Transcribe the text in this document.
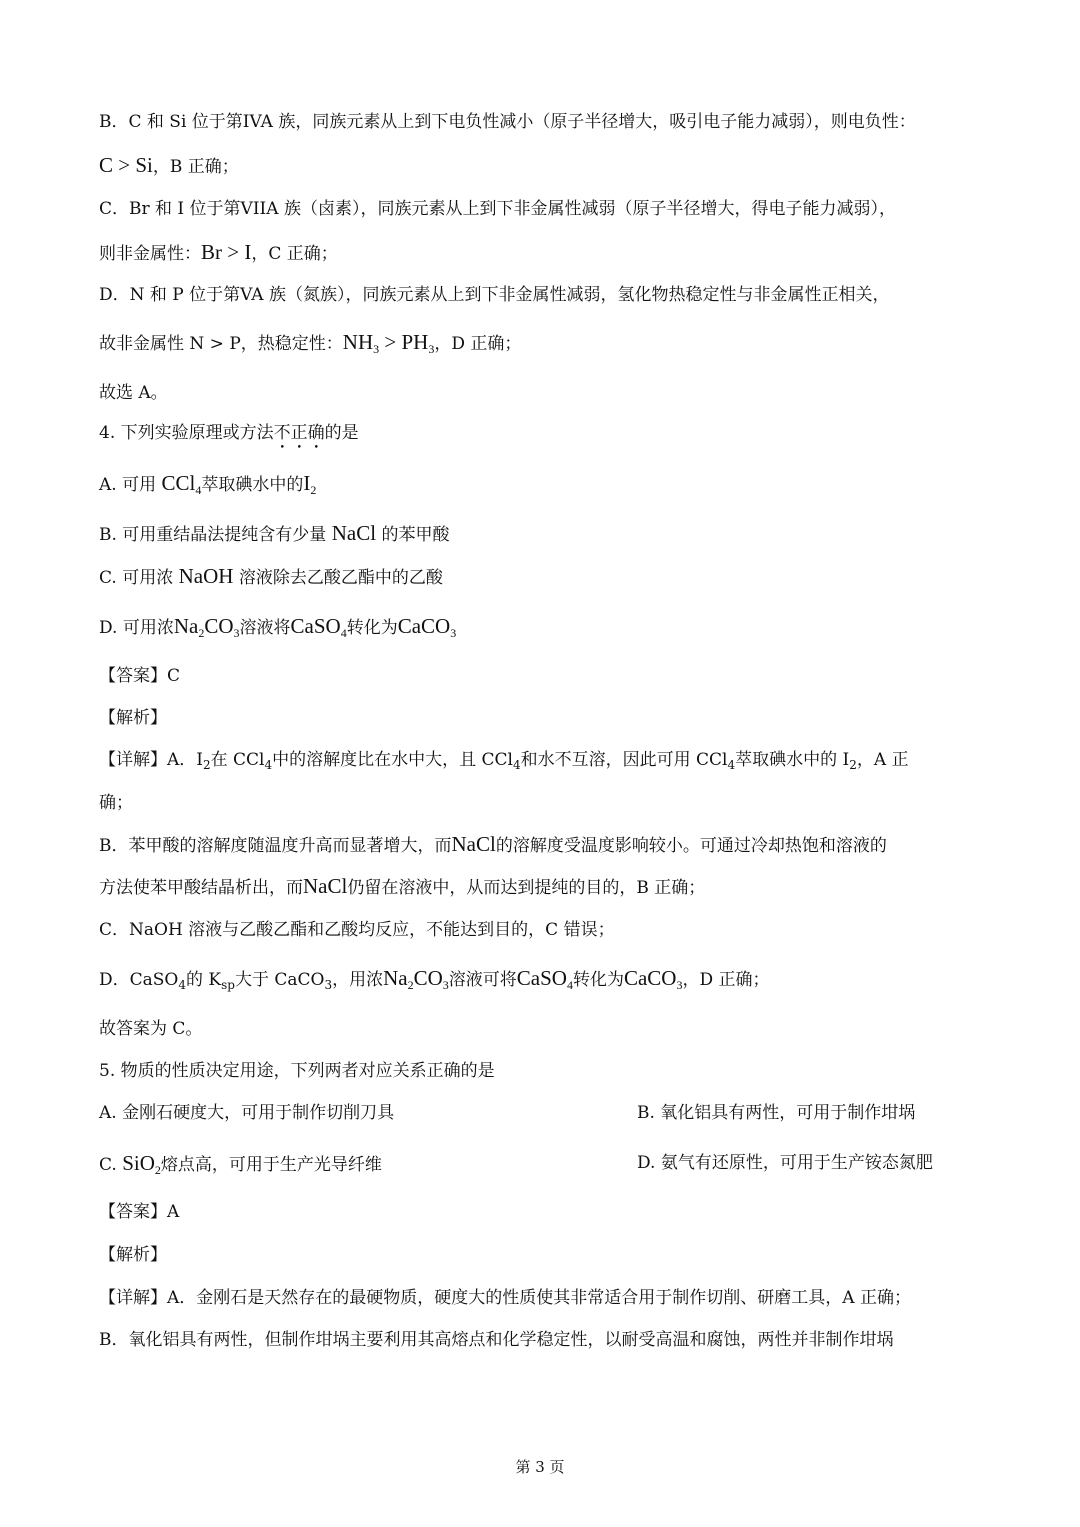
B．C 和 Si 位于第IVA 族，同族元素从上到下电负性减小（原子半径增大，吸引电子能力减弱），则电负性：
C > Si，B 正确；
C．Br 和 I 位于第VIIA 族（卤素），同族元素从上到下非金属性减弱（原子半径增大，得电子能力减弱），
则非金属性：Br > I，C 正确；
D．N 和 P 位于第VA 族（氮族），同族元素从上到下非金属性减弱，氢化物热稳定性与非金属性正相关，
故非金属性 N > P，热稳定性：$NH_3 > PH_3$，D 正确；
故选 A。
4. 下列实验原理或方法不正确的是
A. 可用 CCl$_4$萃取碘水中的$I_2$
B. 可用重结晶法提纯含有少量 NaCl 的苯甲酸
C. 可用浓 NaOH 溶液除去乙酸乙酯中的乙酸
D. 可用浓$Na_2CO_3$溶液将CaSO$_4$转化为CaCO$_3$
【答案】C
【解析】
【详解】A．$I_2$在 CCl$_4$中的溶解度比在水中大，且 CCl$_4$和水不互溶，因此可用 CCl$_4$萃取碘水中的 $I_2$，A 正
确；
B．苯甲酸的溶解度随温度升高而显著增大，而NaCl的溶解度受温度影响较小。可通过冷却热饱和溶液的
方法使苯甲酸结晶析出，而NaCl仍留在溶液中，从而达到提纯的目的，B 正确；
C．NaOH 溶液与乙酸乙酯和乙酸均反应，不能达到目的，C 错误；
D．CaSO$_4$的 $K_{sp}$大于 CaCO$_3$，用浓$Na_2CO_3$溶液可将CaSO$_4$转化为CaCO$_3$，D 正确；
故答案为 C。
5. 物质的性质决定用途，下列两者对应关系正确的是
A. 金刚石硬度大，可用于制作切削刀具	B. 氧化铝具有两性，可用于制作坩埚
C. SiO$_2$熔点高，可用于生产光导纤维	D. 氨气有还原性，可用于生产铵态氮肥
【答案】A
【解析】
【详解】A．金刚石是天然存在的最硬物质，硬度大的性质使其非常适合用于制作切削、研磨工具，A 正确；
B．氧化铝具有两性，但制作坩埚主要利用其高熔点和化学稳定性，以耐受高温和腐蚀，两性并非制作坩埚
第 3 页
